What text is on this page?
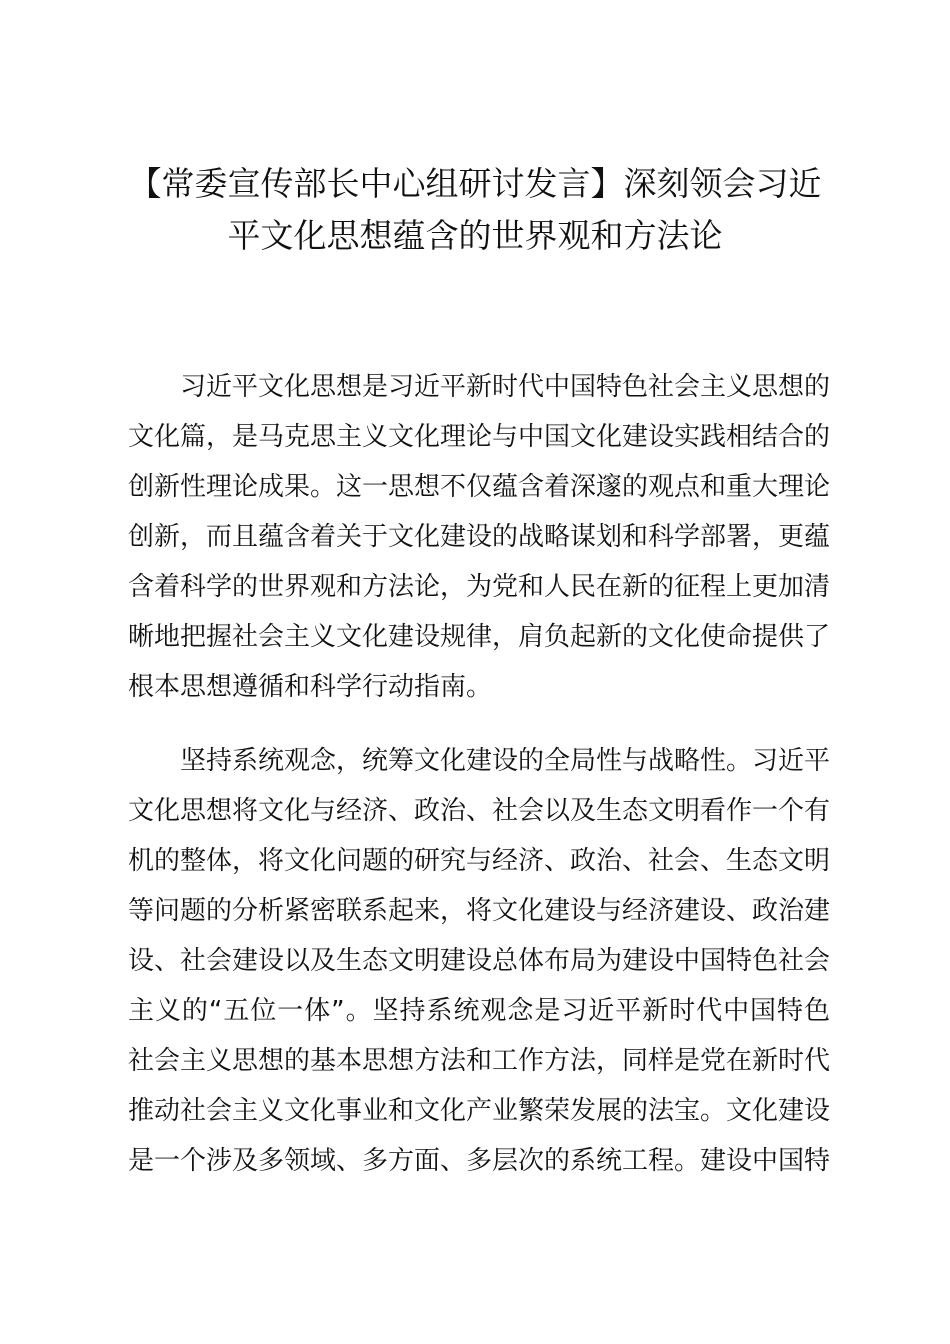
【常委宣传部长中心组研讨发言】深刻领会习近平文化思想蕴含的世界观和方法论

习近平文化思想是习近平新时代中国特色社会主义思想的文化篇，是马克思主义文化理论与中国文化建设实践相结合的创新性理论成果。这一思想不仅蕴含着深邃的观点和重大理论创新，而且蕴含着关于文化建设的战略谋划和科学部署，更蕴含着科学的世界观和方法论，为党和人民在新的征程上更加清晰地把握社会主义文化建设规律，肩负起新的文化使命提供了根本思想遵循和科学行动指南。

坚持系统观念，统筹文化建设的全局性与战略性。习近平文化思想将文化与经济、政治、社会以及生态文明看作一个有机的整体，将文化问题的研究与经济、政治、社会、生态文明等问题的分析紧密联系起来，将文化建设与经济建设、政治建设、社会建设以及生态文明建设总体布局为建设中国特色社会主义的“五位一体”。坚持系统观念是习近平新时代中国特色社会主义思想的基本思想方法和工作方法，同样是党在新时代推动社会主义文化事业和文化产业繁荣发展的法宝。文化建设是一个涉及多领域、多方面、多层次的系统工程。建设中国特
